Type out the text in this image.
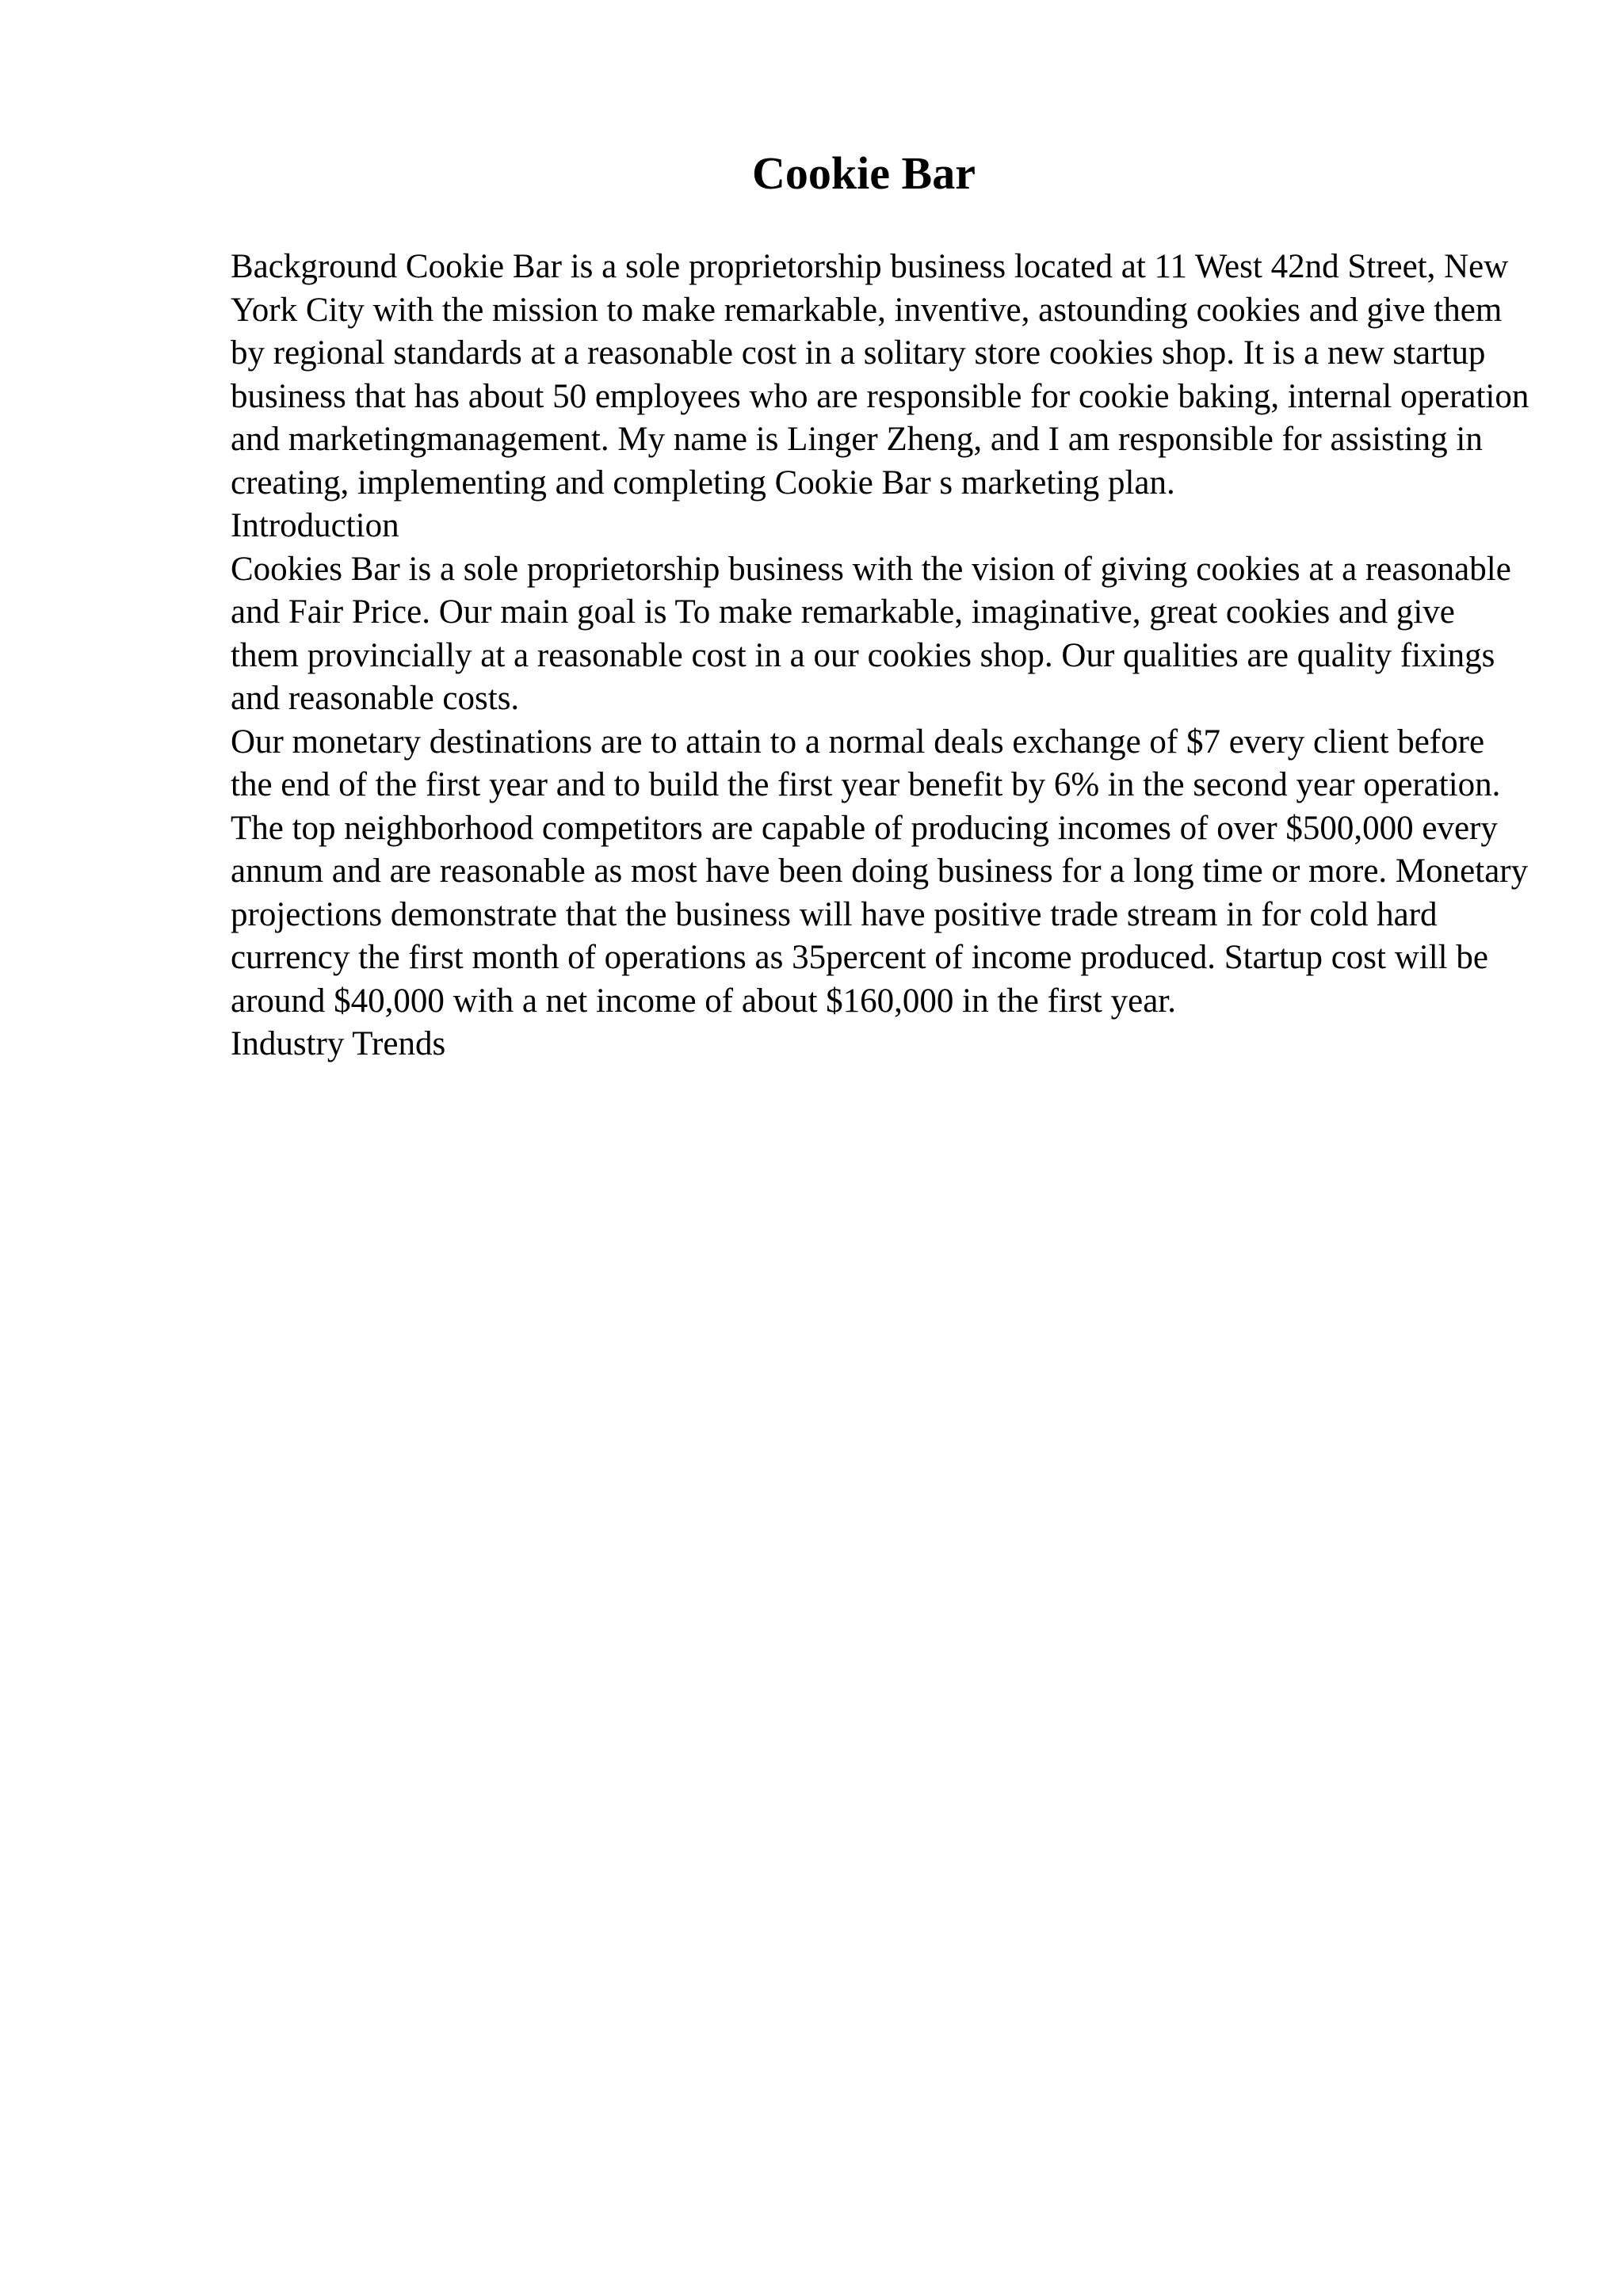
Cookie Bar

Background Cookie Bar is a sole proprietorship business located at 11 West 42nd Street, New York City with the mission to make remarkable, inventive, astounding cookies and give them by regional standards at a reasonable cost in a solitary store cookies shop. It is a new startup business that has about 50 employees who are responsible for cookie baking, internal operation and marketingmanagement. My name is Linger Zheng, and I am responsible for assisting in creating, implementing and completing Cookie Bar s marketing plan.

Introduction

Cookies Bar is a sole proprietorship business with the vision of giving cookies at a reasonable and Fair Price. Our main goal is To make remarkable, imaginative, great cookies and give them provincially at a reasonable cost in a our cookies shop. Our qualities are quality fixings and reasonable costs.

Our monetary destinations are to attain to a normal deals exchange of $7 every client before the end of the first year and to build the first year benefit by 6% in the second year operation. The top neighborhood competitors are capable of producing incomes of over $500,000 every annum and are reasonable as most have been doing business for a long time or more. Monetary projections demonstrate that the business will have positive trade stream in for cold hard currency the first month of operations as 35percent of income produced. Startup cost will be around $40,000 with a net income of about $160,000 in the first year.

Industry Trends
